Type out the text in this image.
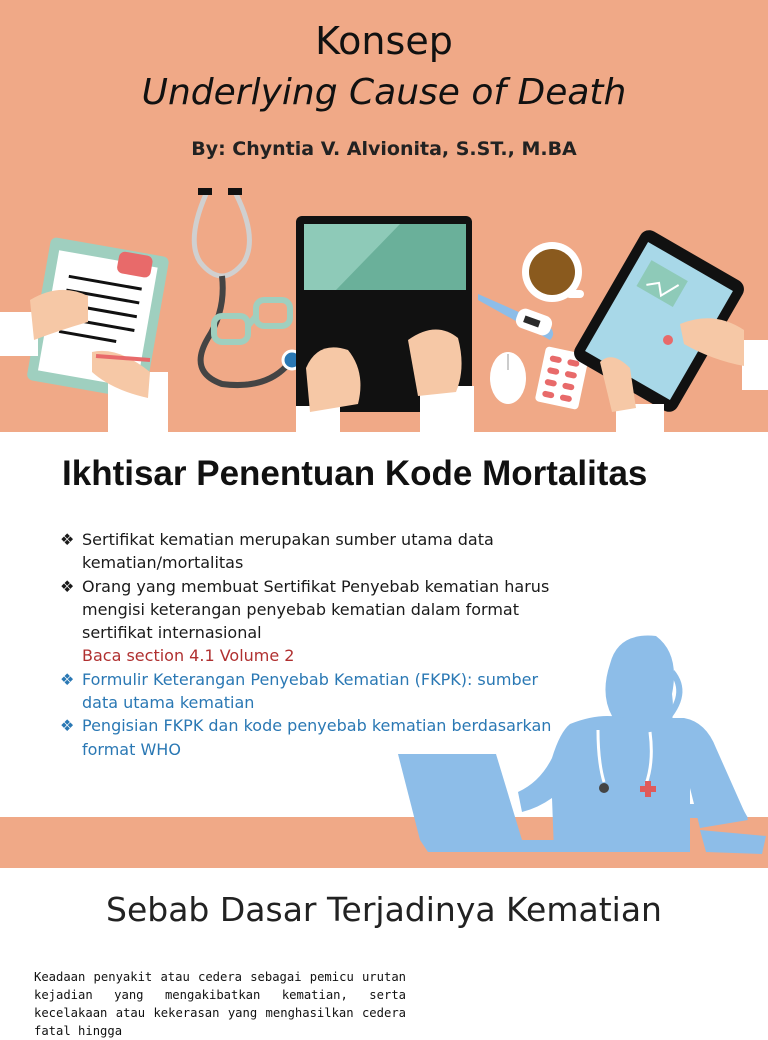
Konsep
Underlying Cause of Death
By: Chyntia V. Alvionita, S.ST., M.BA
Ikhtisar Penentuan Kode Mortalitas
❖ Sertifikat kematian merupakan sumber utama data kematian/mortalitas
❖ Orang yang membuat Sertifikat Penyebab kematian harus mengisi keterangan penyebab kematian dalam format sertifikat internasional
Baca section 4.1 Volume 2
❖ Formulir Keterangan Penyebab Kematian (FKPK): sumber data utama kematian
❖ Pengisian FKPK dan kode penyebab kematian berdasarkan format WHO
Sebab Dasar Terjadinya Kematian
Keadaan penyakit atau cedera sebagai pemicu urutan kejadian yang mengakibatkan kematian, serta kecelakaan atau kekerasan yang menghasilkan cedera fatal hingga
